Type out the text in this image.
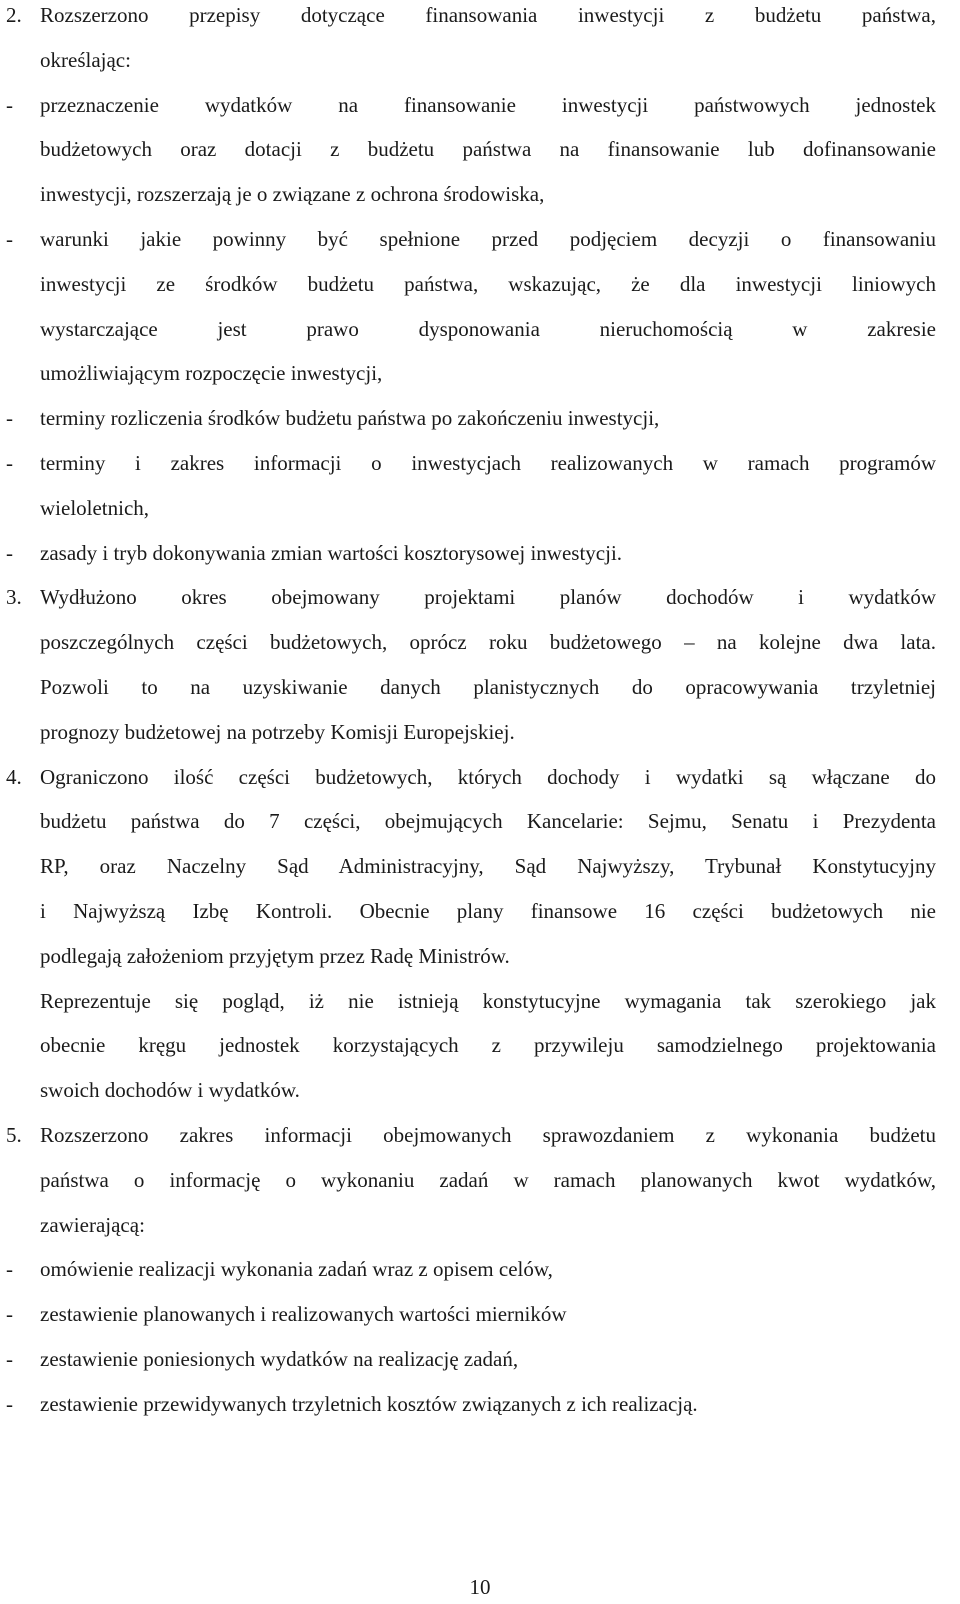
2. Rozszerzono przepisy dotyczące finansowania inwestycji z budżetu państwa,
określając:
- przeznaczenie wydatków na finansowanie inwestycji państwowych jednostek
budżetowych oraz dotacji z budżetu państwa na finansowanie lub dofinansowanie
inwestycji, rozszerzają je o związane z ochrona środowiska,
- warunki jakie powinny być spełnione przed podjęciem decyzji o finansowaniu
inwestycji ze środków budżetu państwa, wskazując, że dla inwestycji liniowych
wystarczające jest prawo dysponowania nieruchomością w zakresie
umożliwiającym rozpoczęcie inwestycji,
- terminy rozliczenia środków budżetu państwa po zakończeniu inwestycji,
- terminy i zakres informacji o inwestycjach realizowanych w ramach programów
wieloletnich,
- zasady i tryb dokonywania zmian wartości kosztorysowej inwestycji.
3. Wydłużono okres obejmowany projektami planów dochodów i wydatków
poszczególnych części budżetowych, oprócz roku budżetowego – na kolejne dwa lata.
Pozwoli to na uzyskiwanie danych planistycznych do opracowywania trzyletniej
prognozy budżetowej na potrzeby Komisji Europejskiej.
4. Ograniczono ilość części budżetowych, których dochody i wydatki są włączane do
budżetu państwa do 7 części, obejmujących Kancelarie: Sejmu, Senatu i Prezydenta
RP, oraz Naczelny Sąd Administracyjny, Sąd Najwyższy, Trybunał Konstytucyjny
i Najwyższą Izbę Kontroli. Obecnie plany finansowe 16 części budżetowych nie
podlegają założeniom przyjętym przez Radę Ministrów.
Reprezentuje się pogląd, iż nie istnieją konstytucyjne wymagania tak szerokiego jak
obecnie kręgu jednostek korzystających z przywileju samodzielnego projektowania
swoich dochodów i wydatków.
5. Rozszerzono zakres informacji obejmowanych sprawozdaniem z wykonania budżetu
państwa o informację o wykonaniu zadań w ramach planowanych kwot wydatków,
zawierającą:
- omówienie realizacji wykonania zadań wraz z opisem celów,
- zestawienie planowanych i realizowanych wartości mierników
- zestawienie poniesionych wydatków na realizację zadań,
- zestawienie przewidywanych trzyletnich kosztów związanych z ich realizacją.
10
